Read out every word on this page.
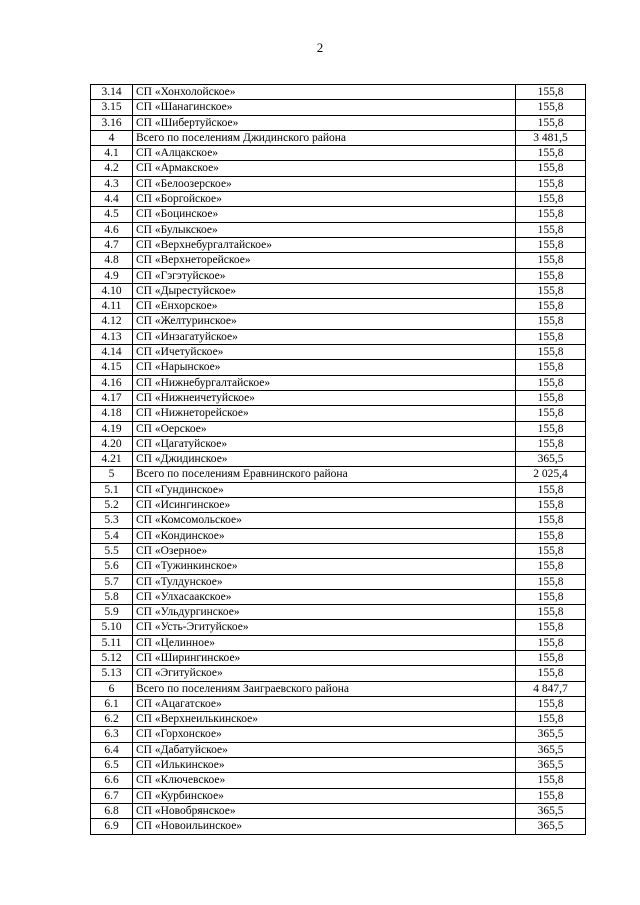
2
3.14	СП «Хонхолойское»	155,8
3.15	СП «Шанагинское»	155,8
3.16	СП «Шибертуйское»	155,8
4	Всего по поселениям Джидинского района	3 481,5
4.1	СП «Алцакское»	155,8
4.2	СП «Армакское»	155,8
4.3	СП «Белоозерское»	155,8
4.4	СП «Боргойское»	155,8
4.5	СП «Боцинское»	155,8
4.6	СП «Булыкское»	155,8
4.7	СП «Верхнебургалтайское»	155,8
4.8	СП «Верхнеторейское»	155,8
4.9	СП «Гэгэтуйское»	155,8
4.10	СП «Дырестуйское»	155,8
4.11	СП «Енхорское»	155,8
4.12	СП «Желтуринское»	155,8
4.13	СП «Инзагатуйское»	155,8
4.14	СП «Ичетуйское»	155,8
4.15	СП «Нарынское»	155,8
4.16	СП «Нижнебургалтайское»	155,8
4.17	СП «Нижнеичетуйское»	155,8
4.18	СП «Нижнеторейское»	155,8
4.19	СП «Оерское»	155,8
4.20	СП «Цагатуйское»	155,8
4.21	СП «Джидинское»	365,5
5	Всего по поселениям Еравнинского района	2 025,4
5.1	СП «Гундинское»	155,8
5.2	СП «Исингинское»	155,8
5.3	СП «Комсомольское»	155,8
5.4	СП «Кондинское»	155,8
5.5	СП «Озерное»	155,8
5.6	СП «Тужинкинское»	155,8
5.7	СП «Тулдунское»	155,8
5.8	СП «Улхасаакское»	155,8
5.9	СП «Ульдургинское»	155,8
5.10	СП «Усть-Эгитуйское»	155,8
5.11	СП «Целинное»	155,8
5.12	СП «Ширингинское»	155,8
5.13	СП «Эгитуйское»	155,8
6	Всего по поселениям Заиграевского района	4 847,7
6.1	СП «Ацагатское»	155,8
6.2	СП «Верхнеилькинское»	155,8
6.3	СП «Горхонское»	365,5
6.4	СП «Дабатуйское»	365,5
6.5	СП «Илькинское»	365,5
6.6	СП «Ключевское»	155,8
6.7	СП «Курбинское»	155,8
6.8	СП «Новобрянское»	365,5
6.9	СП «Новоильинское»	365,5
